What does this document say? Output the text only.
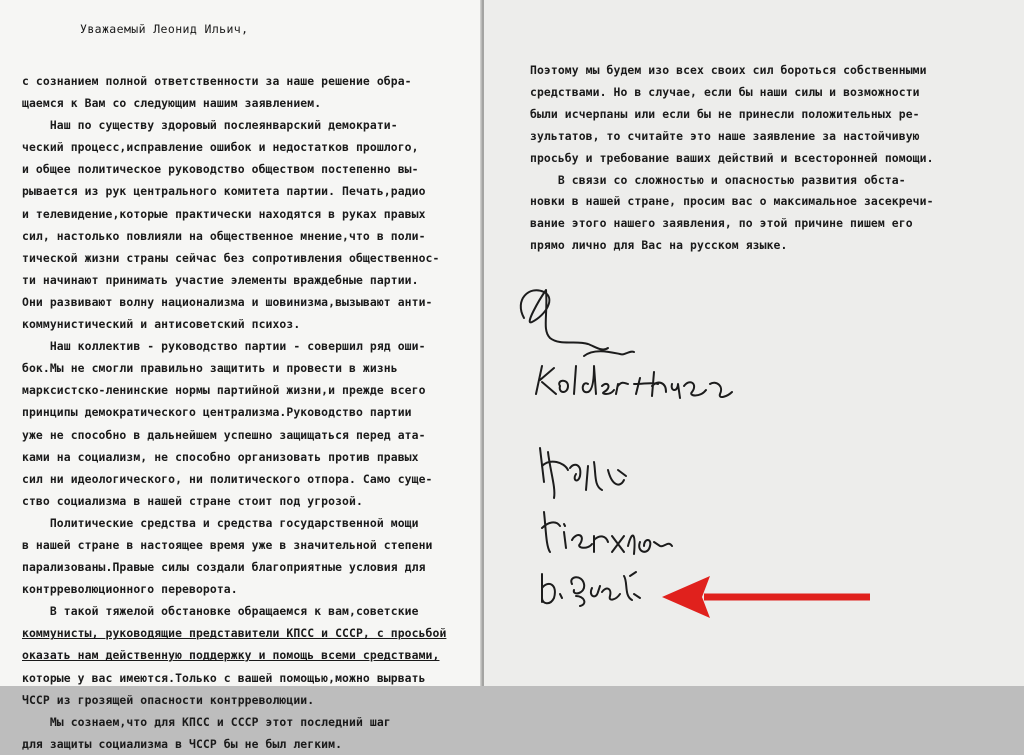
Уважаемый Леонид Ильич,
с сознанием полной ответственности за наше решение обра-
щаемся к Вам со следующим нашим заявлением.
Наш по существу здоровый послеянварский демократи-
ческий процесс,исправление ошибок и недостатков прошлого,
и общее политическое руководство обществом постепенно вы-
рывается из рук центрального комитета партии. Печать,радио
и телевидение,которые практически находятся в руках правых
сил, настолько повлияли на общественное мнение,что в поли-
тической жизни страны сейчас без сопротивления общественнос-
ти начинают принимать участие элементы враждебные партии.
Они развивают волну национализма и шовинизма,вызывают анти-
коммунистический и антисоветский психоз.
Наш коллектив - руководство партии - совершил ряд оши-
бок.Мы не смогли правильно защитить и провести в жизнь
марксистско-ленинские нормы партийной жизни,и прежде всего
принципы демократического централизма.Руководство партии
уже не способно в дальнейшем успешно защищаться перед ата-
ками на социализм, не способно организовать против правых
сил ни идеологического, ни политического отпора. Само суще-
ство социализма в нашей стране стоит под угрозой.
Политические средства и средства государственной мощи
в нашей стране в настоящее время уже в значительной степени
парализованы.Правые силы создали благоприятные условия для
контрреволюционного переворота.
В такой тяжелой обстановке обращаемся к вам,советские
коммунисты, руководящие представители КПСС и СССР, с просьбой
оказать нам действенную поддержку и помощь всеми средствами,
которые у вас имеются.Только с вашей помощью,можно вырвать
ЧССР из грозящей опасности контрреволюции.
Мы сознаем,что для КПСС и СССР этот последний шаг
для защиты социализма в ЧССР бы не был легким.
Поэтому мы будем изо всех своих сил бороться собственными
средствами. Но в случае, если бы наши силы и возможности
были исчерпаны или если бы не принесли положительных ре-
зультатов, то считайте это наше заявление за настойчивую
просьбу и требование ваших действий и всесторонней помощи.
В связи со сложностью и опасностью развития обста-
новки в нашей стране, просим вас о максимальное засекречи-
вание этого нашего заявления, по этой причине пишем его
прямо лично для Вас на русском языке.
